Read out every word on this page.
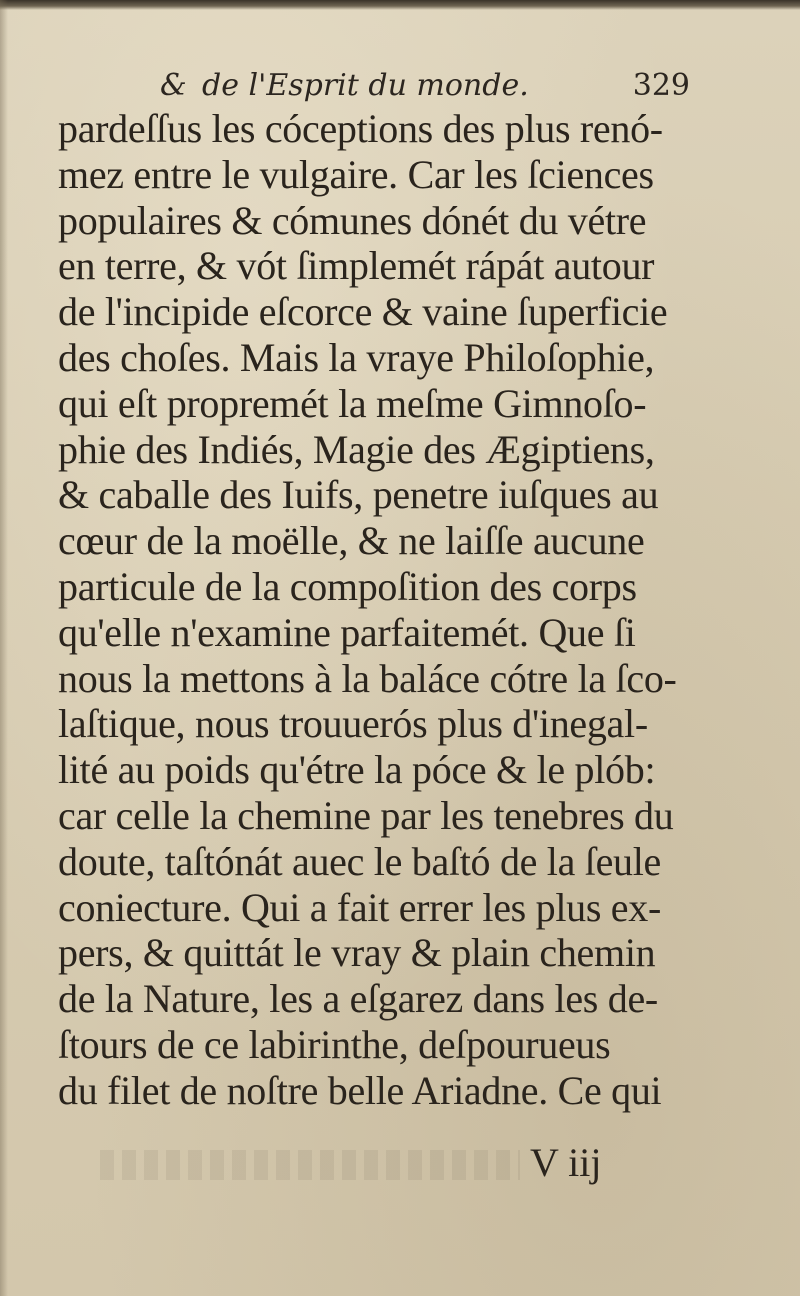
& de l'Esprit du monde.	329
pardeſſus les cóceptions des plus renó-
mez entre le vulgaire. Car les ſciences
populaires & cómunes dónét du vétre
en terre, & vót ſimplemét rápát autour
de l'incipide eſcorce & vaine ſuperficie
des choſes. Mais la vraye Philoſophie,
qui eſt propremét la meſme Gimnoſo-
phie des Indiés, Magie des Ægiptiens,
& caballe des Iuifs, penetre iuſques au
cœur de la moëlle, & ne laiſſe aucune
particule de la compoſition des corps
qu'elle n'examine parfaitemét. Que ſi
nous la mettons à la baláce cótre la ſco-
laſtique, nous trouuerós plus d'inegal-
lité au poids qu'étre la póce & le plób:
car celle la chemine par les tenebres du
doute, taſtónát auec le baſtó de la ſeule
coniecture. Qui a fait errer les plus ex-
pers, & quittát le vray & plain chemin
de la Nature, les a eſgarez dans les de-
ſtours de ce labirinthe, deſpourueus
du filet de noſtre belle Ariadne. Ce qui
V iij
